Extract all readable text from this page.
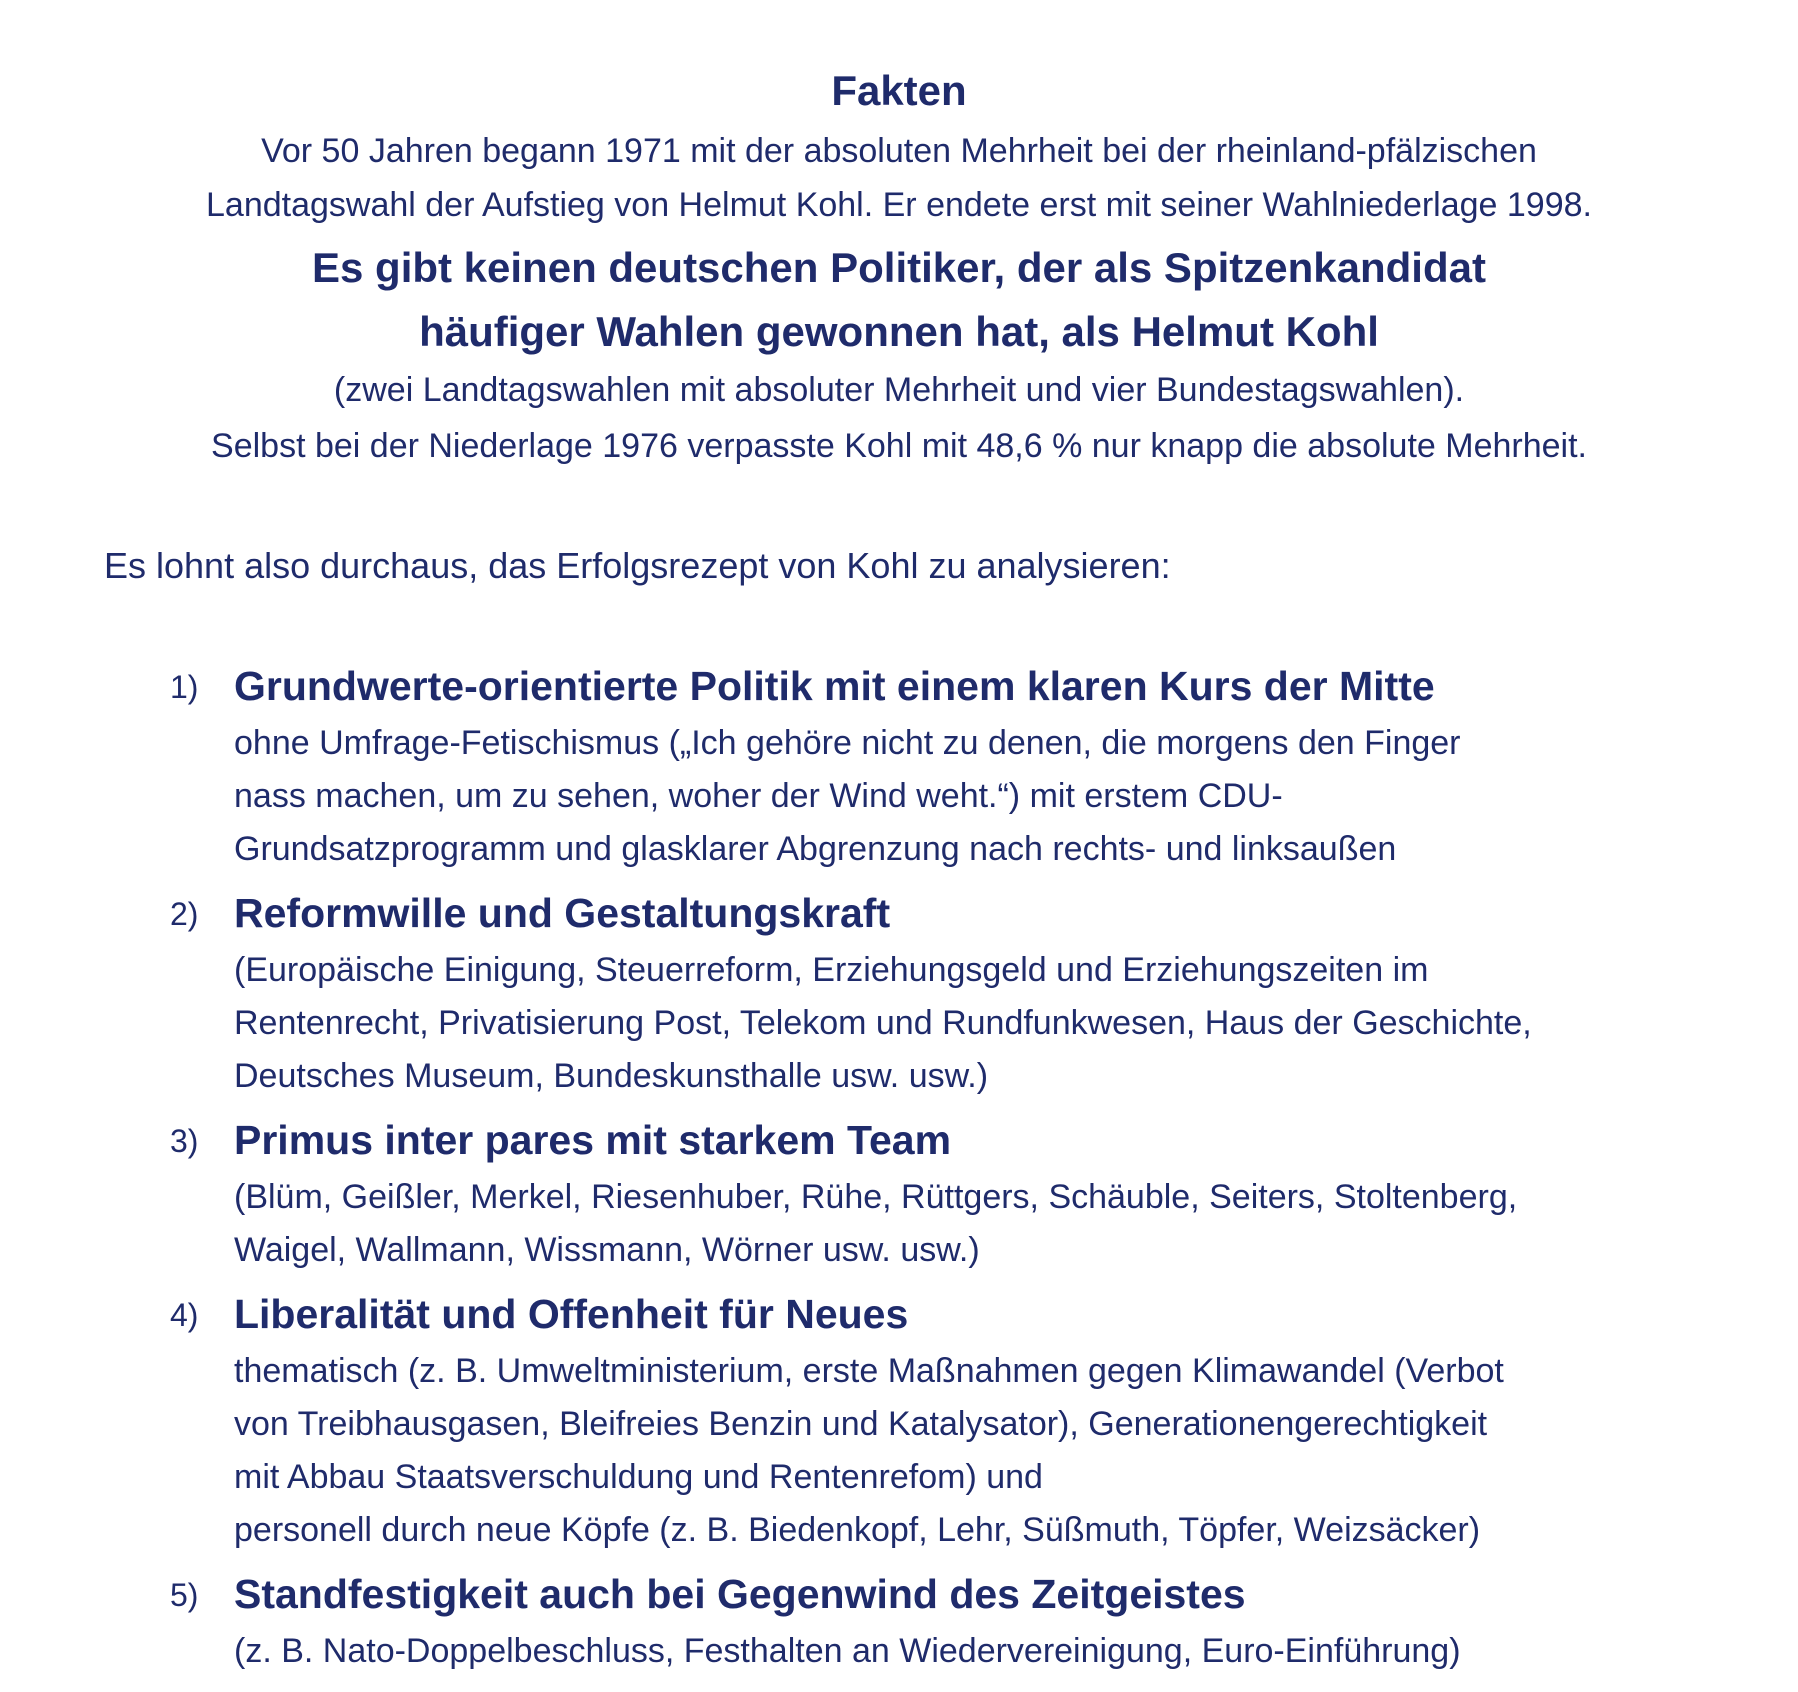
Fakten
Vor 50 Jahren begann 1971 mit der absoluten Mehrheit bei der rheinland-pfälzischen
Landtagswahl der Aufstieg von Helmut Kohl. Er endete erst mit seiner Wahlniederlage 1998.
Es gibt keinen deutschen Politiker, der als Spitzenkandidat
häufiger Wahlen gewonnen hat, als Helmut Kohl
(zwei Landtagswahlen mit absoluter Mehrheit und vier Bundestagswahlen).
Selbst bei der Niederlage 1976 verpasste Kohl mit 48,6 % nur knapp die absolute Mehrheit.
Es lohnt also durchaus, das Erfolgsrezept von Kohl zu analysieren:
1) Grundwerte-orientierte Politik mit einem klaren Kurs der Mitte
ohne Umfrage-Fetischismus („Ich gehöre nicht zu denen, die morgens den Finger
nass machen, um zu sehen, woher der Wind weht.“) mit erstem CDU-
Grundsatzprogramm und glasklarer Abgrenzung nach rechts- und linksaußen
2) Reformwille und Gestaltungskraft
(Europäische Einigung, Steuerreform, Erziehungsgeld und Erziehungszeiten im
Rentenrecht, Privatisierung Post, Telekom und Rundfunkwesen, Haus der Geschichte,
Deutsches Museum, Bundeskunsthalle usw. usw.)
3) Primus inter pares mit starkem Team
(Blüm, Geißler, Merkel, Riesenhuber, Rühe, Rüttgers, Schäuble, Seiters, Stoltenberg,
Waigel, Wallmann, Wissmann, Wörner usw. usw.)
4) Liberalität und Offenheit für Neues
thematisch (z. B. Umweltministerium, erste Maßnahmen gegen Klimawandel (Verbot
von Treibhausgasen, Bleifreies Benzin und Katalysator), Generationengerechtigkeit
mit Abbau Staatsverschuldung und Rentenrefom) und
personell durch neue Köpfe (z. B. Biedenkopf, Lehr, Süßmuth, Töpfer, Weizsäcker)
5) Standfestigkeit auch bei Gegenwind des Zeitgeistes
(z. B. Nato-Doppelbeschluss, Festhalten an Wiedervereinigung, Euro-Einführung)
